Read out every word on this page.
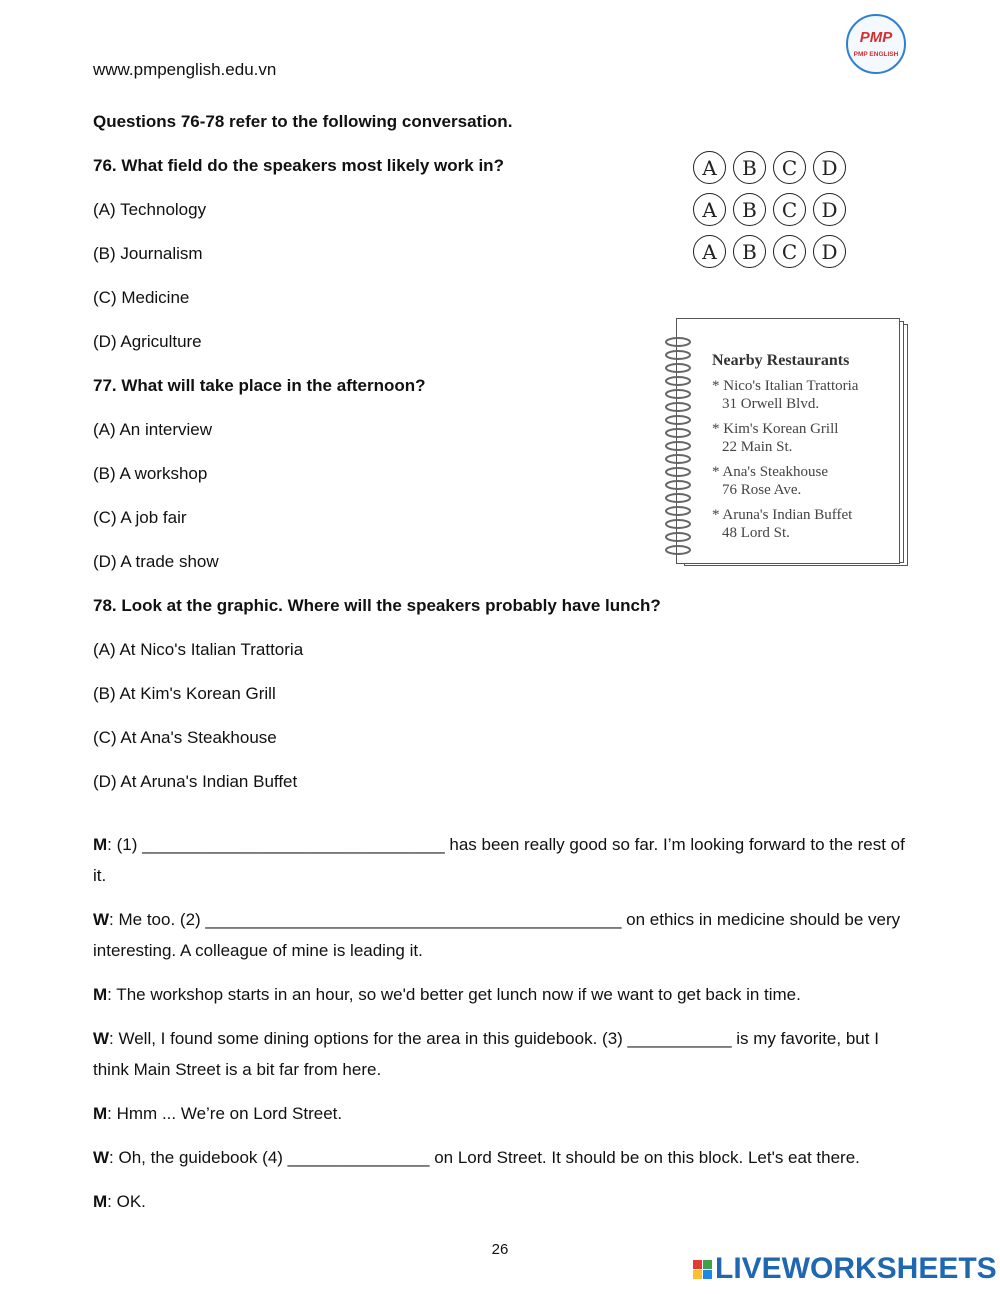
www.pmpenglish.edu.vn
PMP
PMP ENGLISH
Questions 76-78 refer to the following conversation.
76. What field do the speakers most likely work in?
(A) Technology
(B) Journalism
(C) Medicine
(D) Agriculture
77. What will take place in the afternoon?
(A) An interview
(B) A workshop
(C) A job fair
(D) A trade show
78. Look at the graphic. Where will the speakers probably have lunch?
(A) At Nico's Italian Trattoria
(B) At Kim's Korean Grill
(C) At Ana's Steakhouse
(D) At Aruna's Indian Buffet
A	B	C	D
A	B	C	D
A	B	C	D
Nearby Restaurants
* Nico's Italian Trattoria
31 Orwell Blvd.
* Kim's Korean Grill
22 Main St.
* Ana's Steakhouse
76 Rose Ave.
* Aruna's Indian Buffet
48 Lord St.
M: (1) ________________________________ has been really good so far. I’m looking forward to the rest of it.
W: Me too. (2) ____________________________________________ on ethics in medicine should be very interesting. A colleague of mine is leading it.
M: The workshop starts in an hour, so we'd better get lunch now if we want to get back in time.
W: Well, I found some dining options for the area in this guidebook. (3) ___________ is my favorite, but I think Main Street is a bit far from here.
M: Hmm ... We’re on Lord Street.
W: Oh, the guidebook (4) _______________ on Lord Street. It should be on this block. Let's eat there.
M: OK.
26
LIVEWORKSHEETS
